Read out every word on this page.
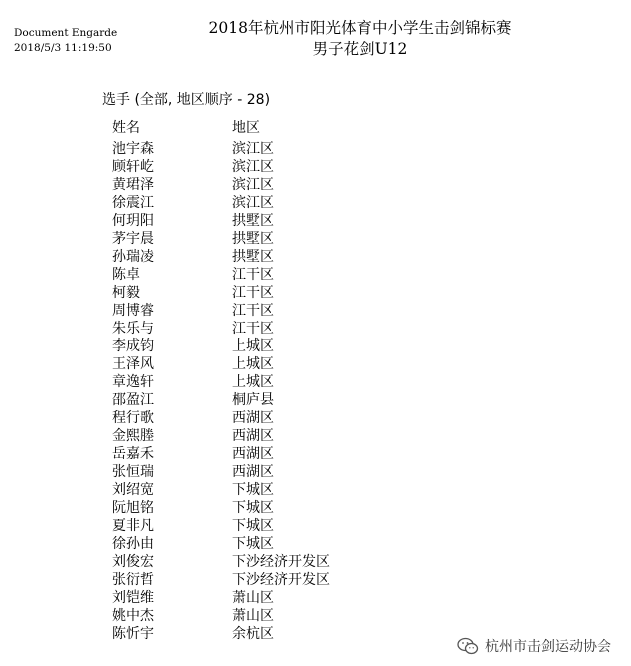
Document Engarde
2018/5/3 11:19:50
2018年杭州市阳光体育中小学生击剑锦标赛
男子花剑U12
选手 (全部, 地区顺序 - 28)
姓名	地区
池宇森	滨江区
顾轩屹	滨江区
黄珺泽	滨江区
徐震江	滨江区
何玥阳	拱墅区
茅宇晨	拱墅区
孙瑞凌	拱墅区
陈卓	江干区
柯毅	江干区
周博睿	江干区
朱乐与	江干区
李成钧	上城区
王泽风	上城区
章逸轩	上城区
邵盈江	桐庐县
程行歌	西湖区
金熙塍	西湖区
岳嘉禾	西湖区
张恒瑞	西湖区
刘绍宽	下城区
阮旭铭	下城区
夏非凡	下城区
徐孙由	下城区
刘俊宏	下沙经济开发区
张衍哲	下沙经济开发区
刘铠维	萧山区
姚中杰	萧山区
陈忻宇	余杭区
杭州市击剑运动协会
